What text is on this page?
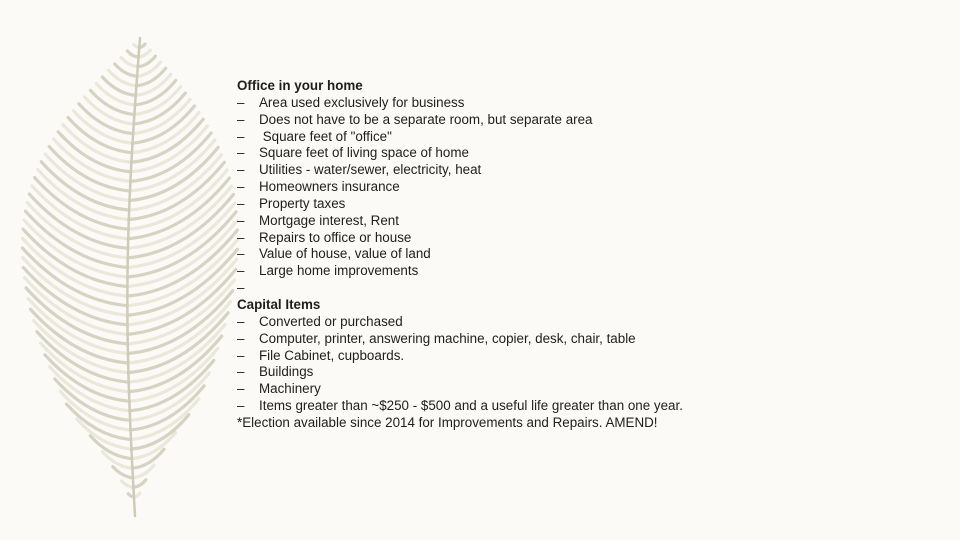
Office in your home
– Area used exclusively for business
– Does not have to be a separate room, but separate area
– Square feet of "office"
– Square feet of living space of home
– Utilities - water/sewer, electricity, heat
– Homeowners insurance
– Property taxes
– Mortgage interest, Rent
– Repairs to office or house
– Value of house, value of land
– Large home improvements
–
Capital Items
– Converted or purchased
– Computer, printer, answering machine, copier, desk, chair, table
– File Cabinet, cupboards.
– Buildings
– Machinery
– Items greater than ~$250 - $500 and a useful life greater than one year.
*Election available since 2014 for Improvements and Repairs. AMEND!
